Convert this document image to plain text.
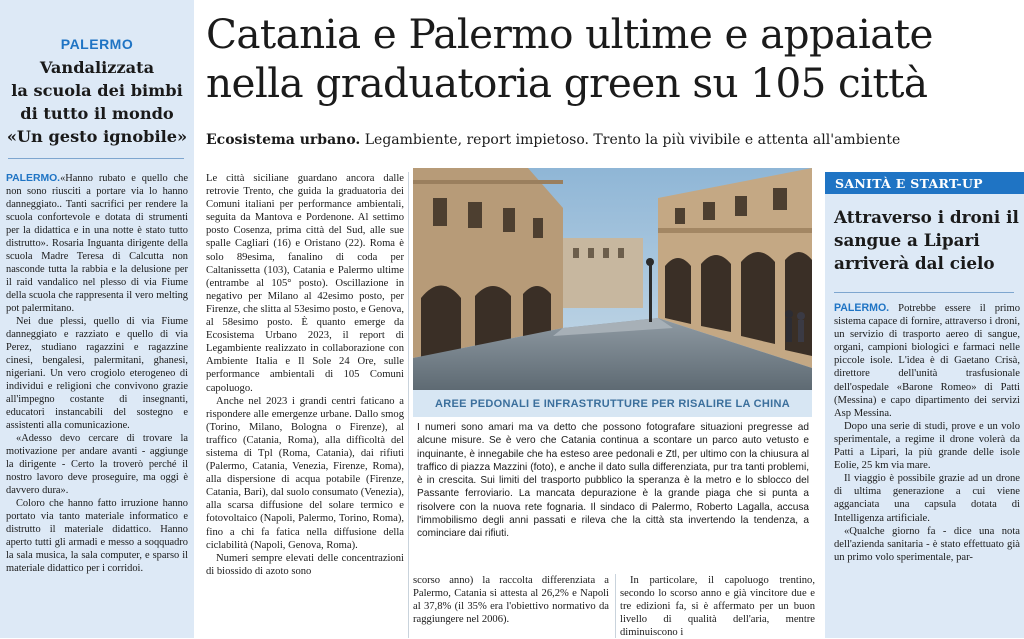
PALERMO
Vandalizzata
la scuola dei bimbi
di tutto il mondo
«Un gesto ignobile»

PALERMO.«Hanno rubato e quello che non sono riusciti a portare via lo hanno danneggiato.. Tanti sacrifici per rendere la scuola confortevole e dotata di strumenti per la didattica e in una notte è stato tutto distrutto». Rosaria Inguanta dirigente della scuola Madre Teresa di Calcutta non nasconde tutta la rabbia e la delusione per il raid vandalico nel plesso di via Fiume della scuola che rappresenta il vero melting pot palermitano.

Nei due plessi, quello di via Fiume danneggiato e razziato e quello di via Perez, studiano ragazzini e ragazzine cinesi, bengalesi, palermitani, ghanesi, nigeriani. Un vero crogiolo eterogeneo di individui e religioni che convivono grazie all'impegno costante di insegnanti, educatori instancabili del sostegno e assistenti alla comunicazione.

«Adesso devo cercare di trovare la motivazione per andare avanti - aggiunge la dirigente - Certo la troverò perché il nostro lavoro deve proseguire, ma oggi è davvero dura».

Coloro che hanno fatto irruzione hanno portato via tanto materiale informatico e distrutto il materiale didattico. Hanno aperto tutti gli armadi e messo a soqquadro la sala musica, la sala computer, e sparso il materiale didattico per i corridoi.

Catania e Palermo ultime e appaiate nella graduatoria green su 105 città
Ecosistema urbano. Legambiente, report impietoso. Trento la più vivibile e attenta all'ambiente

Le città siciliane guardano ancora dalle retrovie Trento, che guida la graduatoria dei Comuni italiani per performance ambientali, seguita da Mantova e Pordenone. Al settimo posto Cosenza, prima città del Sud, alle sue spalle Cagliari (16) e Oristano (22). Roma è solo 89esima, fanalino di coda per Caltanissetta (103), Catania e Palermo ultime (entrambe al 105° posto). Oscillazione in negativo per Milano al 42esimo posto, per Firenze, che slitta al 53esimo posto, e Genova, al 58esimo posto. È quanto emerge da Ecosistema Urbano 2023, il report di Legambiente realizzato in collaborazione con Ambiente Italia e Il Sole 24 Ore, sulle performance ambientali di 105 Comuni capoluogo.

Anche nel 2023 i grandi centri faticano a rispondere alle emergenze urbane. Dallo smog (Torino, Milano, Bologna o Firenze), al traffico (Catania, Roma), alla difficoltà del sistema di Tpl (Roma, Catania), dai rifiuti (Palermo, Catania, Venezia, Firenze, Roma), alla dispersione di acqua potabile (Firenze, Catania, Bari), dal suolo consumato (Venezia), alla scarsa diffusione del solare termico e fotovoltaico (Napoli, Palermo, Torino, Roma), fino a chi fa fatica nella diffusione della ciclabilità (Napoli, Genova, Roma).

Numeri sempre elevati delle concentrazioni di biossido di azoto sono

AREE PEDONALI E INFRASTRUTTURE PER RISALIRE LA CHINA
I numeri sono amari ma va detto che possono fotografare situazioni pregresse ad alcune misure. Se è vero che Catania continua a scontare un parco auto vetusto e inquinante, è innegabile che ha esteso aree pedonali e Ztl, per ultimo con la chiusura al traffico di piazza Mazzini (foto), e anche il dato sulla differenziata, pur tra tanti problemi, è in crescita. Sui limiti del trasporto pubblico la speranza è la metro e lo sblocco del Passante ferroviario. La mancata depurazione è la grande piaga che si punta a risolvere con la nuova rete fognaria. Il sindaco di Palermo, Roberto Lagalla, accusa l'immobilismo degli anni passati e rileva che la città sta invertendo la tendenza, a cominciare dai rifiuti.
scorso anno) la raccolta differenziata a Palermo, Catania si attesta al 26,2% e Napoli al 37,8% (il 35% era l'obiettivo normativo da raggiungere nel 2006).

In particolare, il capoluogo trentino, secondo lo scorso anno e già vincitore due e tre edizioni fa, si è affermato per un buon livello di qualità dell'aria, mentre diminuiscono i

SANITÀ E START-UP
Attraverso i droni il sangue a Lipari arriverà dal cielo

PALERMO. Potrebbe essere il primo sistema capace di fornire, attraverso i droni, un servizio di trasporto aereo di sangue, organi, campioni biologici e farmaci nelle piccole isole. L'idea è di Gaetano Crisà, direttore dell'unità trasfusionale dell'ospedale «Barone Romeo» di Patti (Messina) e capo dipartimento dei servizi Asp Messina.

Dopo una serie di studi, prove e un volo sperimentale, a regime il drone volerà da Patti a Lipari, la più grande delle isole Eolie, 25 km via mare.

Il viaggio è possibile grazie ad un drone di ultima generazione a cui viene agganciata una capsula dotata di Intelligenza artificiale.

«Qualche giorno fa - dice una nota dell'azienda sanitaria - è stato effettuato già un primo volo sperimentale, par-
